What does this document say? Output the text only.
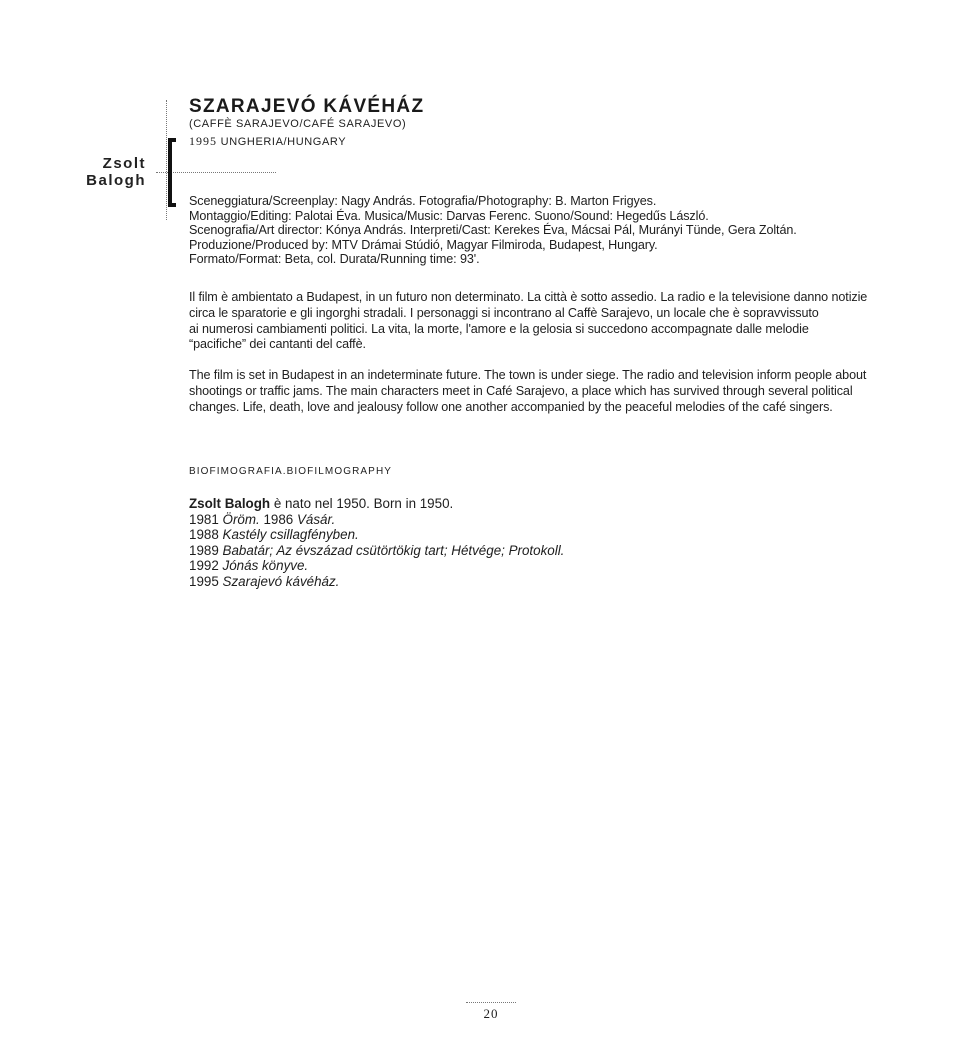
Zsolt
Balogh
SZARAJEVÓ KÁVÉHÁZ
(CAFFÈ SARAJEVO/CAFÉ SARAJEVO)
1995 UNGHERIA/HUNGARY
Sceneggiatura/Screenplay: Nagy András. Fotografia/Photography: B. Marton Frigyes.
Montaggio/Editing: Palotai Éva. Musica/Music: Darvas Ferenc. Suono/Sound: Hegedűs László.
Scenografia/Art director: Kónya András. Interpreti/Cast: Kerekes Éva, Mácsai Pál, Murányi Tünde, Gera Zoltán.
Produzione/Produced by: MTV Drámai Stúdió, Magyar Filmiroda, Budapest, Hungary.
Formato/Format: Beta, col. Durata/Running time: 93'.
Il film è ambientato a Budapest, in un futuro non determinato. La città è sotto assedio. La radio e la televisione danno notizie
circa le sparatorie e gli ingorghi stradali. I personaggi si incontrano al Caffè Sarajevo, un locale che è sopravvissuto
ai numerosi cambiamenti politici. La vita, la morte, l'amore e la gelosia si succedono accompagnate dalle melodie
“pacifiche” dei cantanti del caffè.
The film is set in Budapest in an indeterminate future. The town is under siege. The radio and television inform people about
shootings or traffic jams. The main characters meet in Café Sarajevo, a place which has survived through several political
changes. Life, death, love and jealousy follow one another accompanied by the peaceful melodies of the café singers.
BIOFIMOGRAFIA.BIOFILMOGRAPHY
Zsolt Balogh è nato nel 1950. Born in 1950.
1981 Öröm. 1986 Vásár.
1988 Kastély csillagfényben.
1989 Babatár; Az évszázad csütörtökig tart; Hétvége; Protokoll.
1992 Jónás könyve.
1995 Szarajevó kávéház.
20
